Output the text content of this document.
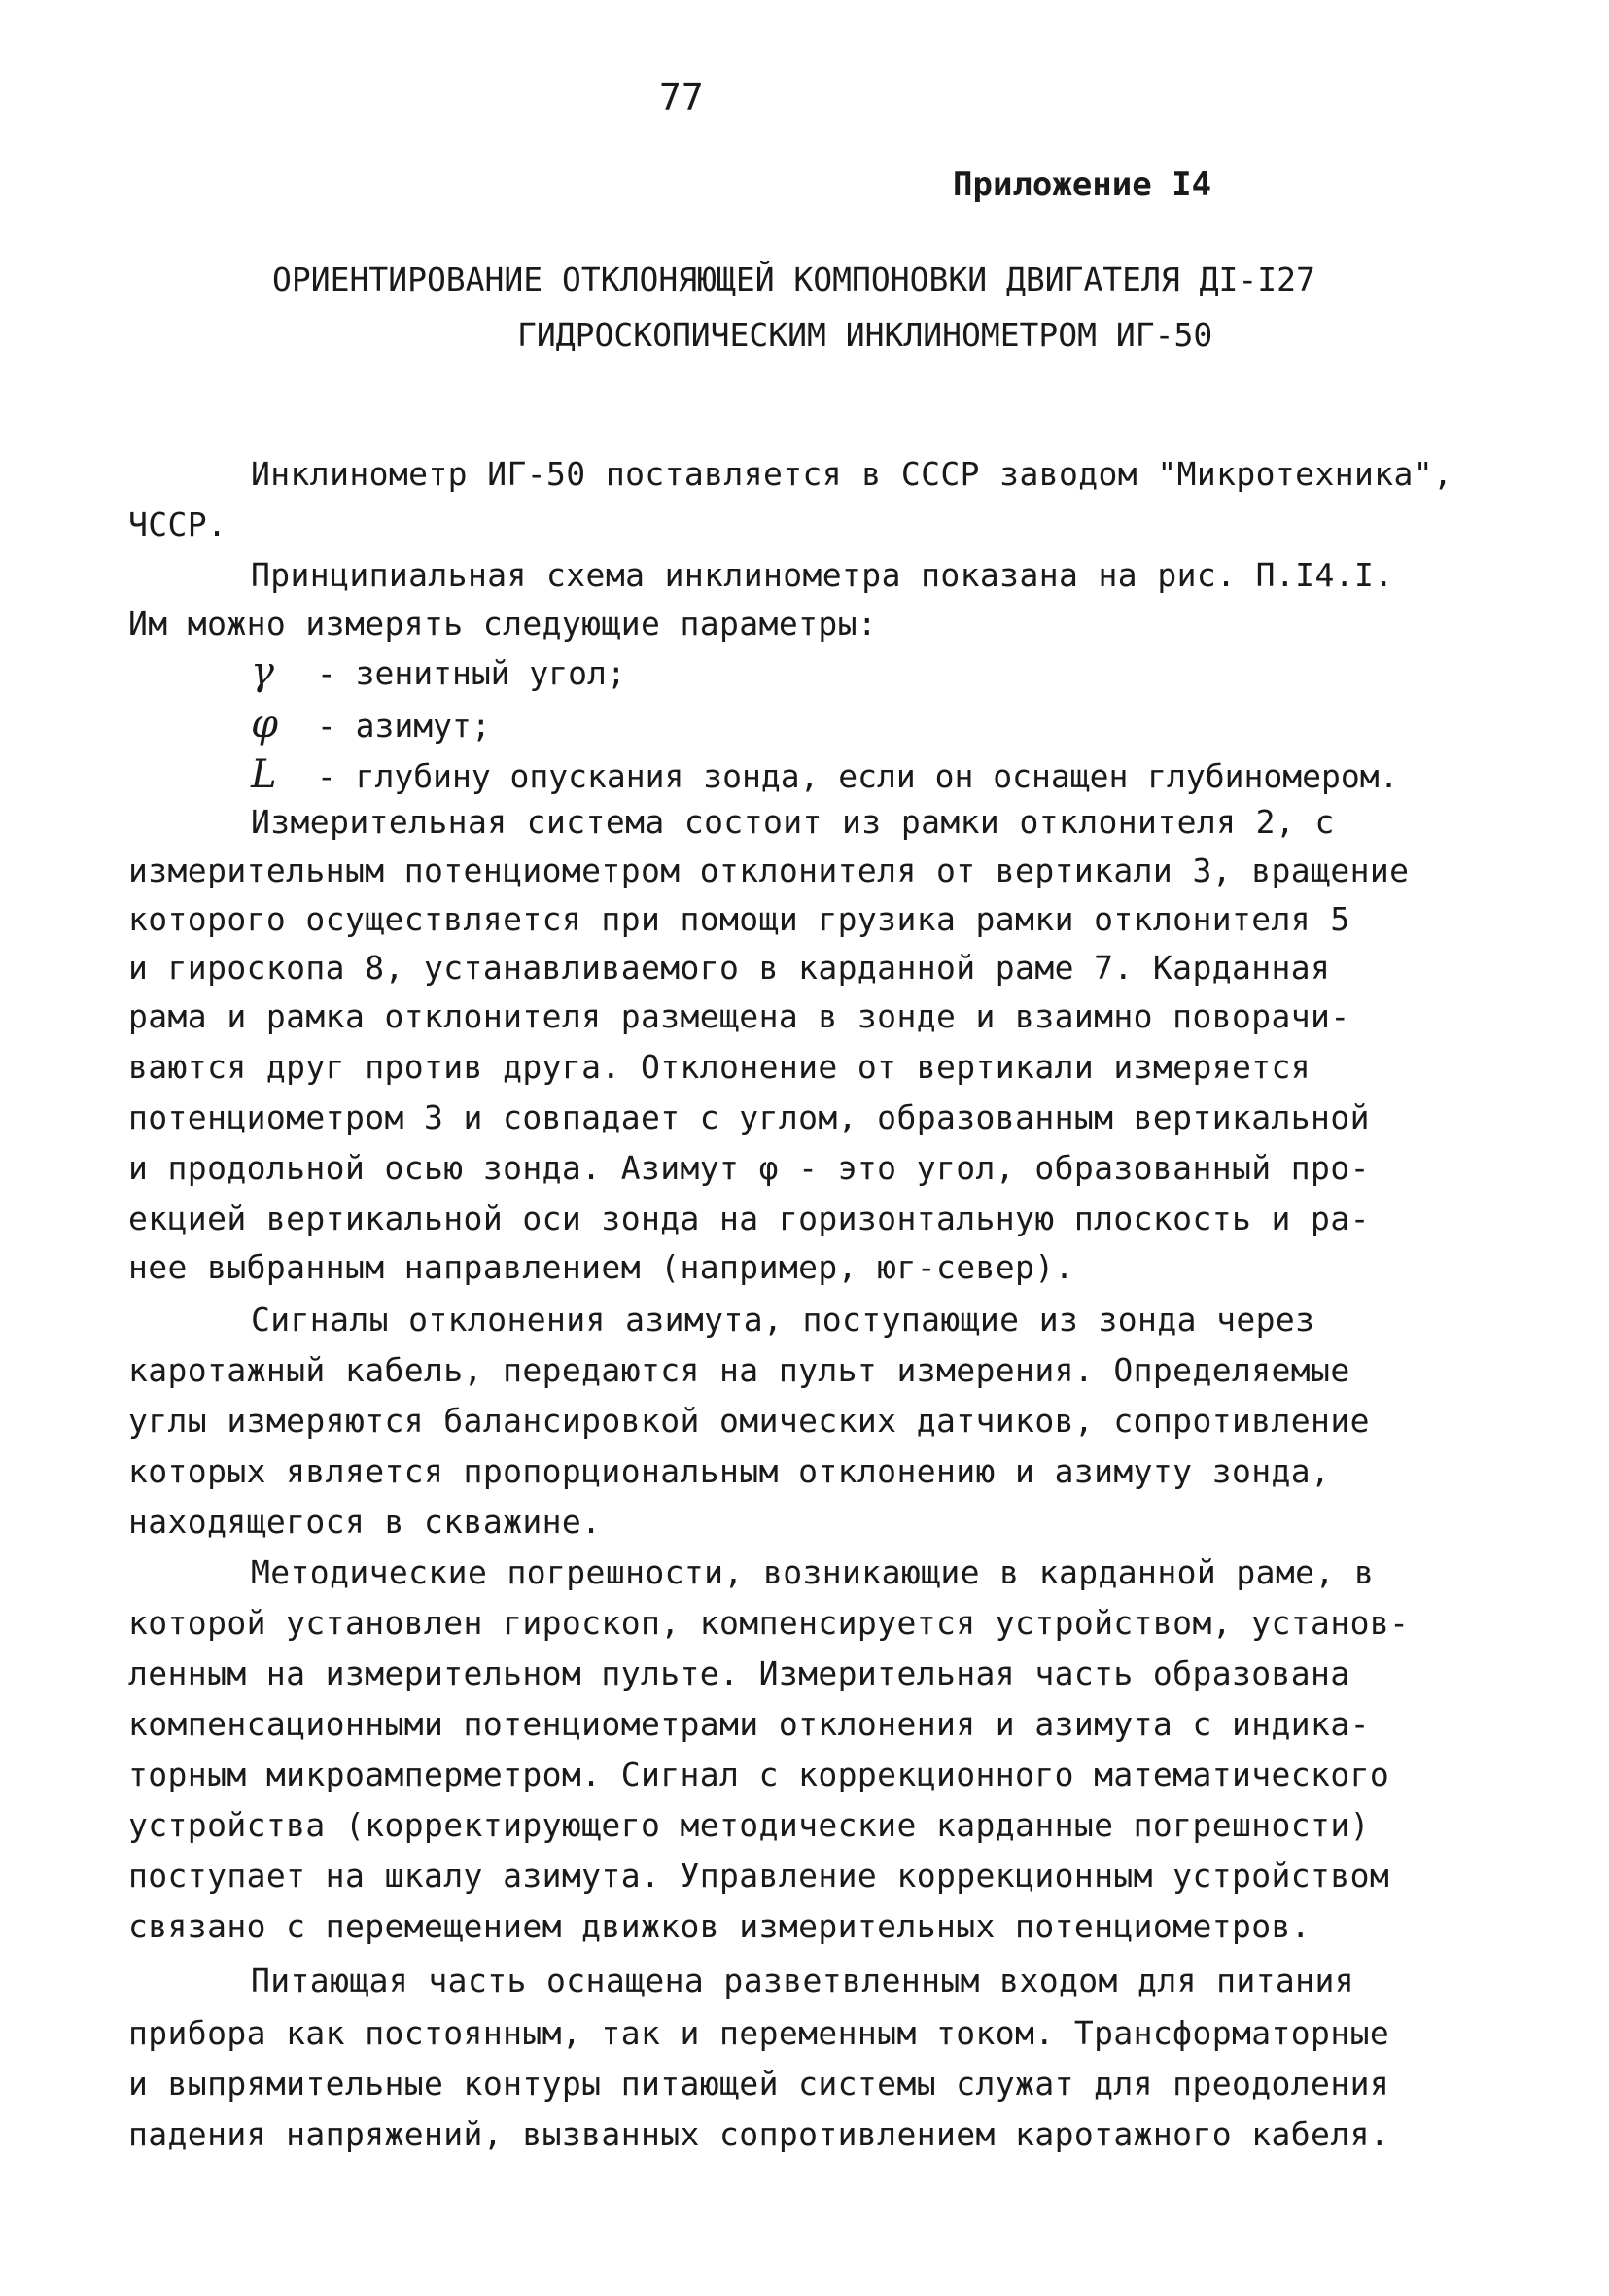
77
Приложение I4
ОРИЕНТИРОВАНИЕ ОТКЛОНЯЮЩЕЙ КОМПОНОВКИ ДВИГАТЕЛЯ ДI-I27
ГИДРОСКОПИЧЕСКИМ ИНКЛИНОМЕТРОМ ИГ-50
Инклинометр ИГ-50 поставляется в СССР заводом "Микротехника",
ЧССР.
Принципиальная схема инклинометра показана на рис. П.I4.I.
Им можно измерять следующие параметры:
γ - зенитный угол;
φ - азимут;
L - глубину опускания зонда, если он оснащен глубиномером.
Измерительная система состоит из рамки отклонителя 2, с
измерительным потенциометром отклонителя от вертикали 3, вращение
которого осуществляется при помощи грузика рамки отклонителя 5
и гироскопа 8, устанавливаемого в карданной раме 7. Карданная
рама и рамка отклонителя размещена в зонде и взаимно поворачи-
ваются друг против друга. Отклонение от вертикали измеряется
потенциометром 3 и совпадает с углом, образованным вертикальной
и продольной осью зонда. Азимут φ - это угол, образованный про-
екцией вертикальной оси зонда на горизонтальную плоскость и ра-
нее выбранным направлением (например, юг-север).
Сигналы отклонения азимута, поступающие из зонда через
каротажный кабель, передаются на пульт измерения. Определяемые
углы измеряются балансировкой омических датчиков, сопротивление
которых является пропорциональным отклонению и азимуту зонда,
находящегося в скважине.
Методические погрешности, возникающие в карданной раме, в
которой установлен гироскоп, компенсируется устройством, установ-
ленным на измерительном пульте. Измерительная часть образована
компенсационными потенциометрами отклонения и азимута с индика-
торным микроамперметром. Сигнал с коррекционного математического
устройства (корректирующего методические карданные погрешности)
поступает на шкалу азимута. Управление коррекционным устройством
связано с перемещением движков измерительных потенциометров.
Питающая часть оснащена разветвленным входом для питания
прибора как постоянным, так и переменным током. Трансформаторные
и выпрямительные контуры питающей системы служат для преодоления
падения напряжений, вызванных сопротивлением каротажного кабеля.
